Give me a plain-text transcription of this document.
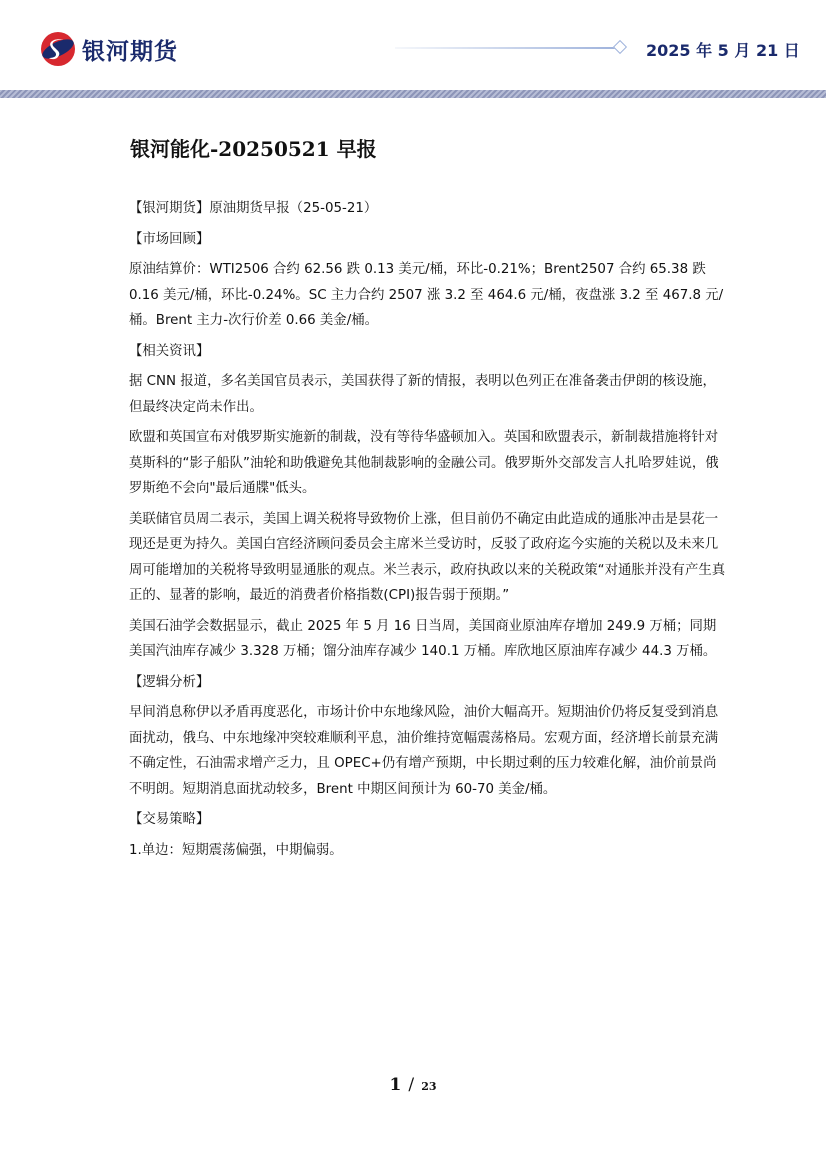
银河期货	2025 年 5 月 21 日
银河能化-20250521 早报

【银河期货】原油期货早报（25-05-21）

【市场回顾】

原油结算价：WTI2506 合约 62.56 跌 0.13 美元/桶，环比-0.21%；Brent2507 合约 65.38 跌 0.16 美元/桶，环比-0.24%。SC 主力合约 2507 涨 3.2 至 464.6 元/桶，夜盘涨 3.2 至 467.8 元/桶。Brent 主力-次行价差 0.66 美金/桶。

【相关资讯】

据 CNN 报道，多名美国官员表示，美国获得了新的情报，表明以色列正在准备袭击伊朗的核设施，但最终决定尚未作出。

欧盟和英国宣布对俄罗斯实施新的制裁，没有等待华盛顿加入。英国和欧盟表示，新制裁措施将针对莫斯科的“影子船队”油轮和助俄避免其他制裁影响的金融公司。俄罗斯外交部发言人扎哈罗娃说，俄罗斯绝不会向"最后通牒"低头。

美联储官员周二表示，美国上调关税将导致物价上涨，但目前仍不确定由此造成的通胀冲击是昙花一现还是更为持久。美国白宫经济顾问委员会主席米兰受访时，反驳了政府迄今实施的关税以及未来几周可能增加的关税将导致明显通胀的观点。米兰表示，政府执政以来的关税政策“对通胀并没有产生真正的、显著的影响，最近的消费者价格指数(CPI)报告弱于预期。”

美国石油学会数据显示，截止 2025 年 5 月 16 日当周，美国商业原油库存增加 249.9 万桶；同期美国汽油库存减少 3.328 万桶；馏分油库存减少 140.1 万桶。库欣地区原油库存减少 44.3 万桶。

【逻辑分析】

早间消息称伊以矛盾再度恶化，市场计价中东地缘风险，油价大幅高开。短期油价仍将反复受到消息面扰动，俄乌、中东地缘冲突较难顺利平息，油价维持宽幅震荡格局。宏观方面，经济增长前景充满不确定性，石油需求增产乏力，且 OPEC+仍有增产预期，中长期过剩的压力较难化解，油价前景尚不明朗。短期消息面扰动较多，Brent 中期区间预计为 60-70 美金/桶。

【交易策略】

1.单边：短期震荡偏强，中期偏弱。

1 / 23
